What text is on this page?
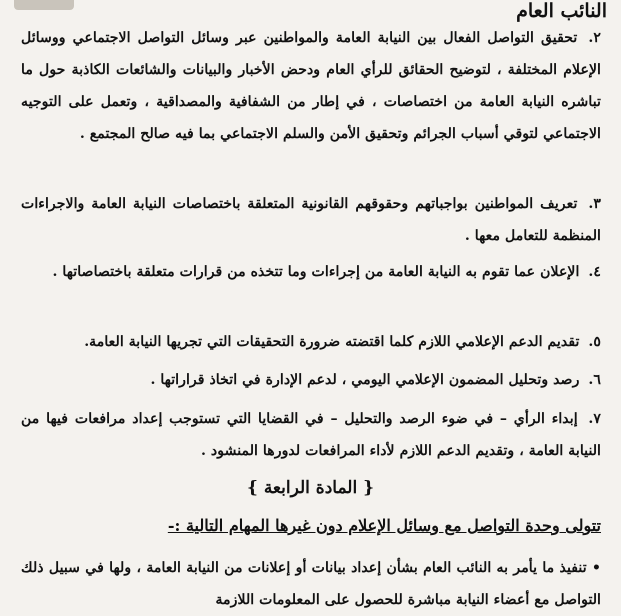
النائب العام
٢. تحقيق التواصل الفعال بين النيابة العامة والمواطنين عبر وسائل التواصل الاجتماعي ووسائل الإعلام المختلفة ، لتوضيح الحقائق للرأي العام ودحض الأخبار والبيانات والشائعات الكاذبة حول ما تباشره النيابة العامة من اختصاصات ، في إطار من الشفافية والمصداقية ، وتعمل على التوجيه الاجتماعي لتوقي أسباب الجرائم وتحقيق الأمن والسلم الاجتماعي بما فيه صالح المجتمع .
٣. تعريف المواطنين بواجباتهم وحقوقهم القانونية المتعلقة باختصاصات النيابة العامة والاجراءات المنظمة للتعامل معها .
٤. الإعلان عما تقوم به النيابة العامة من إجراءات وما تتخذه من قرارات متعلقة باختصاصاتها .
٥. تقديم الدعم الإعلامي اللازم كلما اقتضته ضرورة التحقيقات التي تجريها النيابة العامة.
٦. رصد وتحليل المضمون الإعلامي اليومي ، لدعم الإدارة في اتخاذ قراراتها .
٧. إبداء الرأي – في ضوء الرصد والتحليل – في القضايا التي تستوجب إعداد مرافعات فيها من النيابة العامة ، وتقديم الدعم اللازم لأداء المرافعات لدورها المنشود .
{ المادة الرابعة }
تتولى وحدة التواصل مع وسائل الإعلام دون غيرها المهام التالية :-
• تنفيذ ما يأمر به النائب العام بشأن إعداد بيانات أو إعلانات من النيابة العامة ، ولها في سبيل ذلك التواصل مع أعضاء النيابة مباشرة للحصول على المعلومات اللازمة
